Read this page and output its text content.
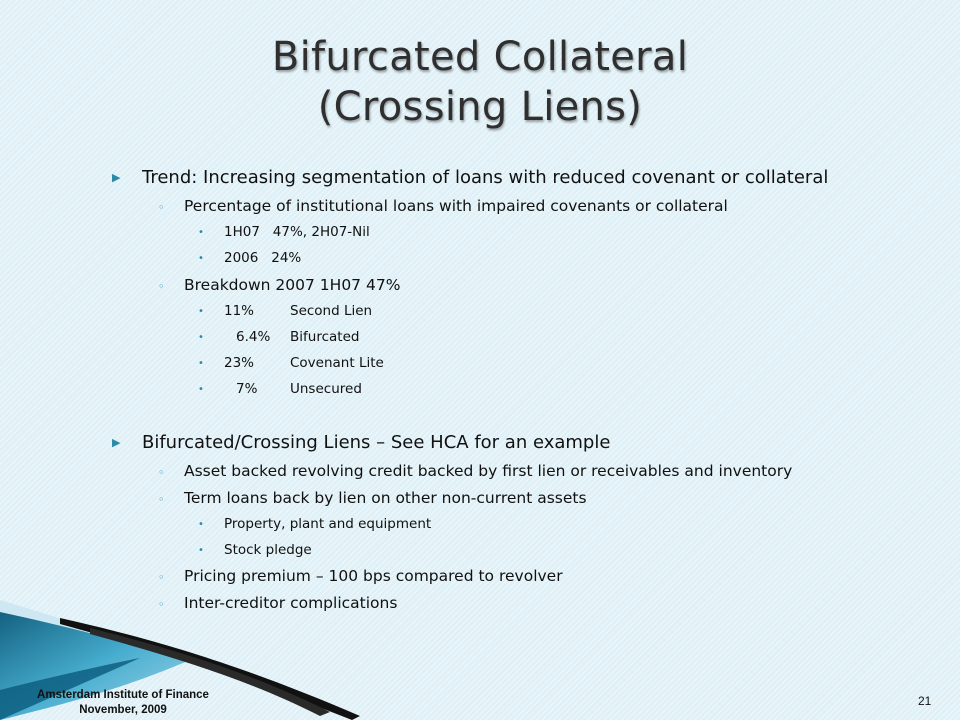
Bifurcated Collateral
(Crossing Liens)
▶ Trend: Increasing segmentation of loans with reduced covenant or collateral
◦ Percentage of institutional loans with impaired covenants or collateral
• 1H07   47%, 2H07-Nil
• 2006   24%
◦ Breakdown 2007 1H07 47%
• 11%	Second Lien
• 6.4% Bifurcated
• 23%	Covenant Lite
• 7% Unsecured
▶ Bifurcated/Crossing Liens – See HCA for an example
◦ Asset backed revolving credit backed by first lien or receivables and inventory
◦ Term loans back by lien on other non-current assets
• Property, plant and equipment
• Stock pledge
◦ Pricing premium – 100 bps compared to revolver
◦ Inter-creditor complications
Amsterdam Institute of Finance
November, 2009
21
